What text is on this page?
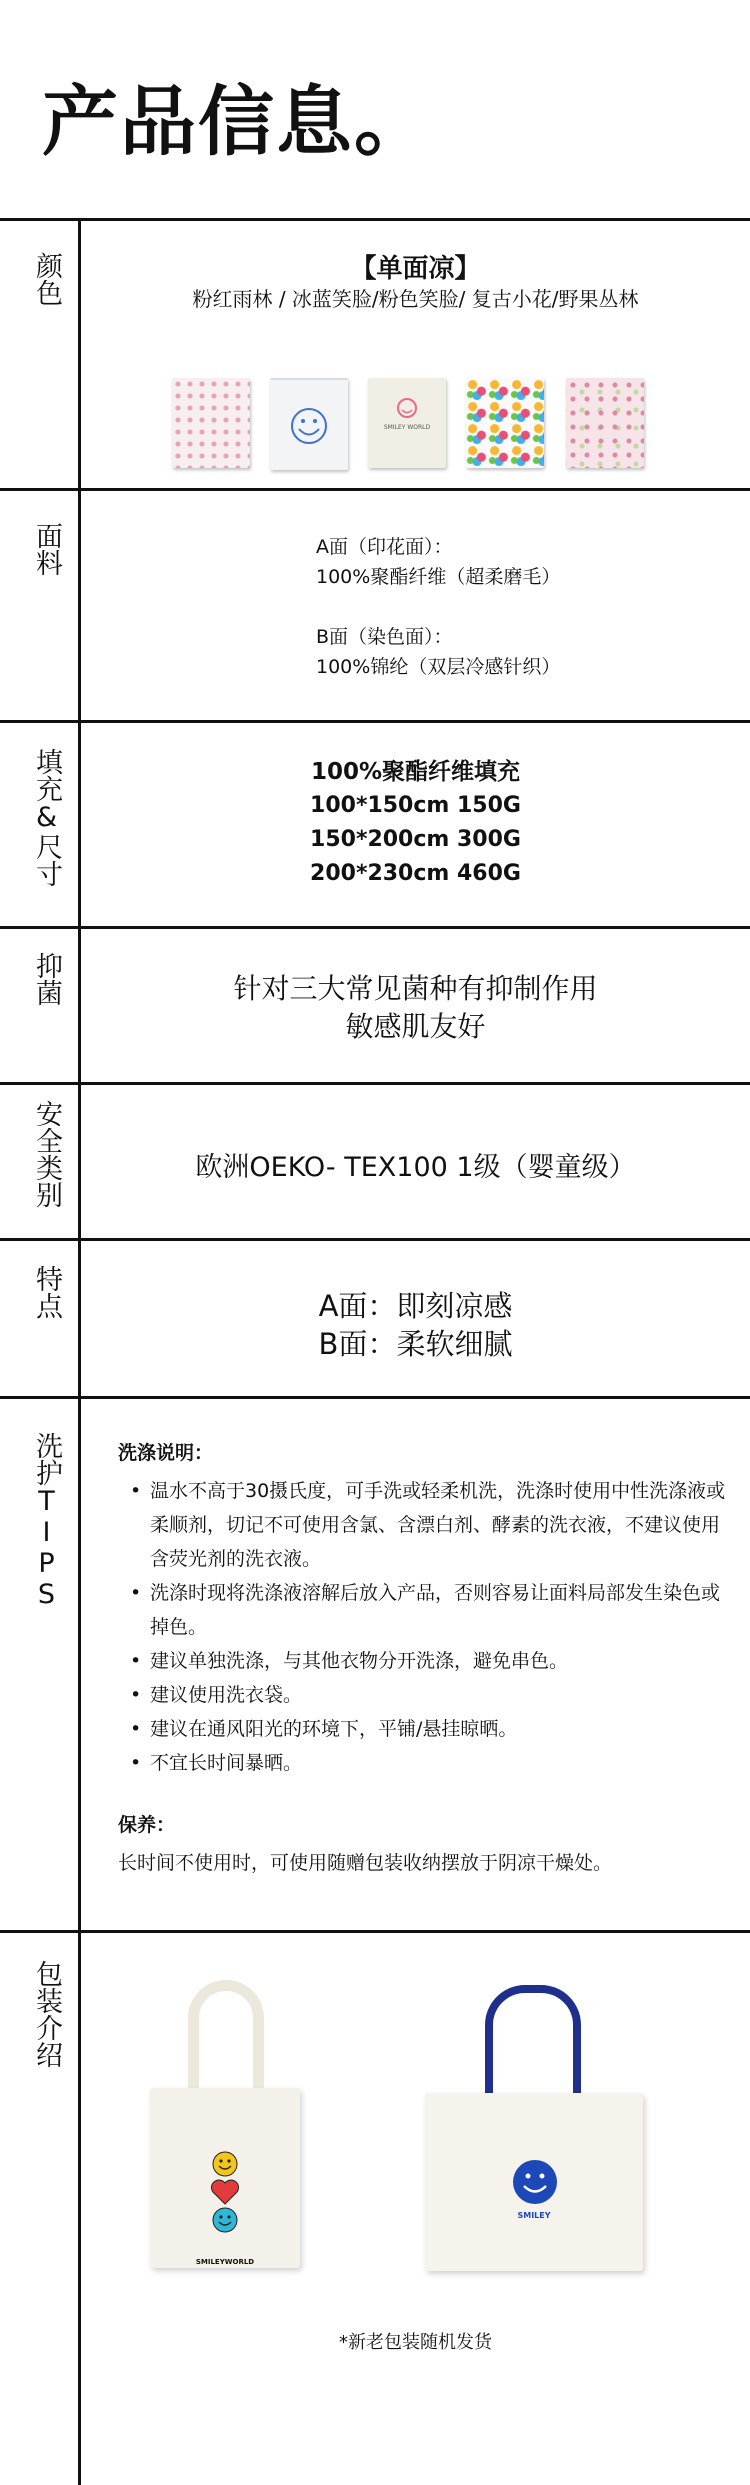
产品信息。
颜色
面料
填充&尺寸
抑菌
安全类别
特点
洗护TIPS
包装介绍
【单面凉】
粉红雨林 / 冰蓝笑脸/粉色笑脸/ 复古小花/野果丛林
SMILEY WORLD
A面（印花面）：
100%聚酯纤维（超柔磨毛）
B面（染色面）：
100%锦纶（双层冷感针织）
100%聚酯纤维填充
100*150cm 150G
150*200cm 300G
200*230cm 460G
针对三大常见菌种有抑制作用
敏感肌友好
欧洲OEKO- TEX100 1级（婴童级）
A面：即刻凉感
B面：柔软细腻
洗涤说明：
• 温水不高于30摄氏度，可手洗或轻柔机洗，洗涤时使用中性洗涤液或柔顺剂，切记不可使用含氯、含漂白剂、酵素的洗衣液，不建议使用含荧光剂的洗衣液。
• 洗涤时现将洗涤液溶解后放入产品，否则容易让面料局部发生染色或掉色。
• 建议单独洗涤，与其他衣物分开洗涤，避免串色。
• 建议使用洗衣袋。
• 建议在通风阳光的环境下，平铺/悬挂晾晒。
• 不宜长时间暴晒。
保养：
长时间不使用时，可使用随赠包装收纳摆放于阴凉干燥处。
SMILEYWORLD
SMILEY
*新老包装随机发货
